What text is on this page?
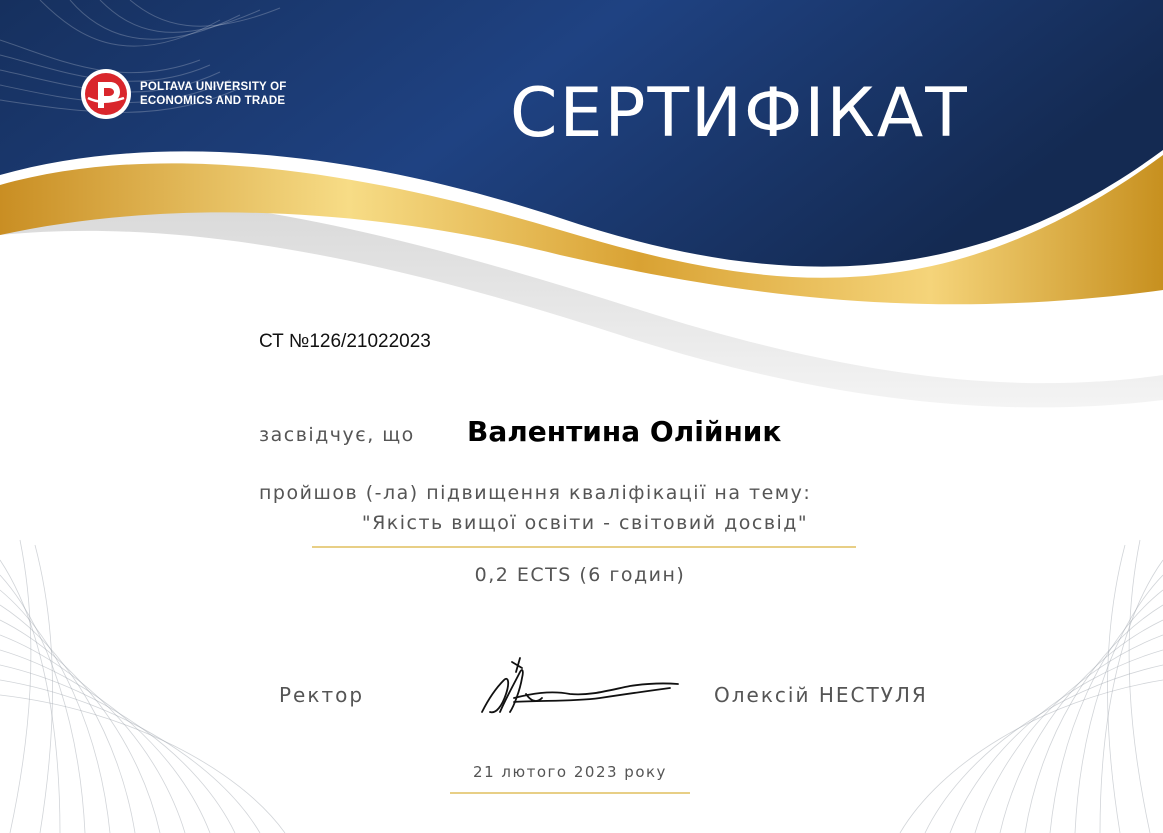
POLTAVA UNIVERSITY OF
ECONOMICS AND TRADE	СЕРТИФІКАТ
СТ №126/21022023
засвідчує, що Валентина Олійник
пройшов (-ла) підвищення кваліфікації на тему:
"Якість вищої освіти - світовий досвід"
0,2 ECTS (6 годин)
Ректор	Олексій НЕСТУЛЯ
21 лютого 2023 року
